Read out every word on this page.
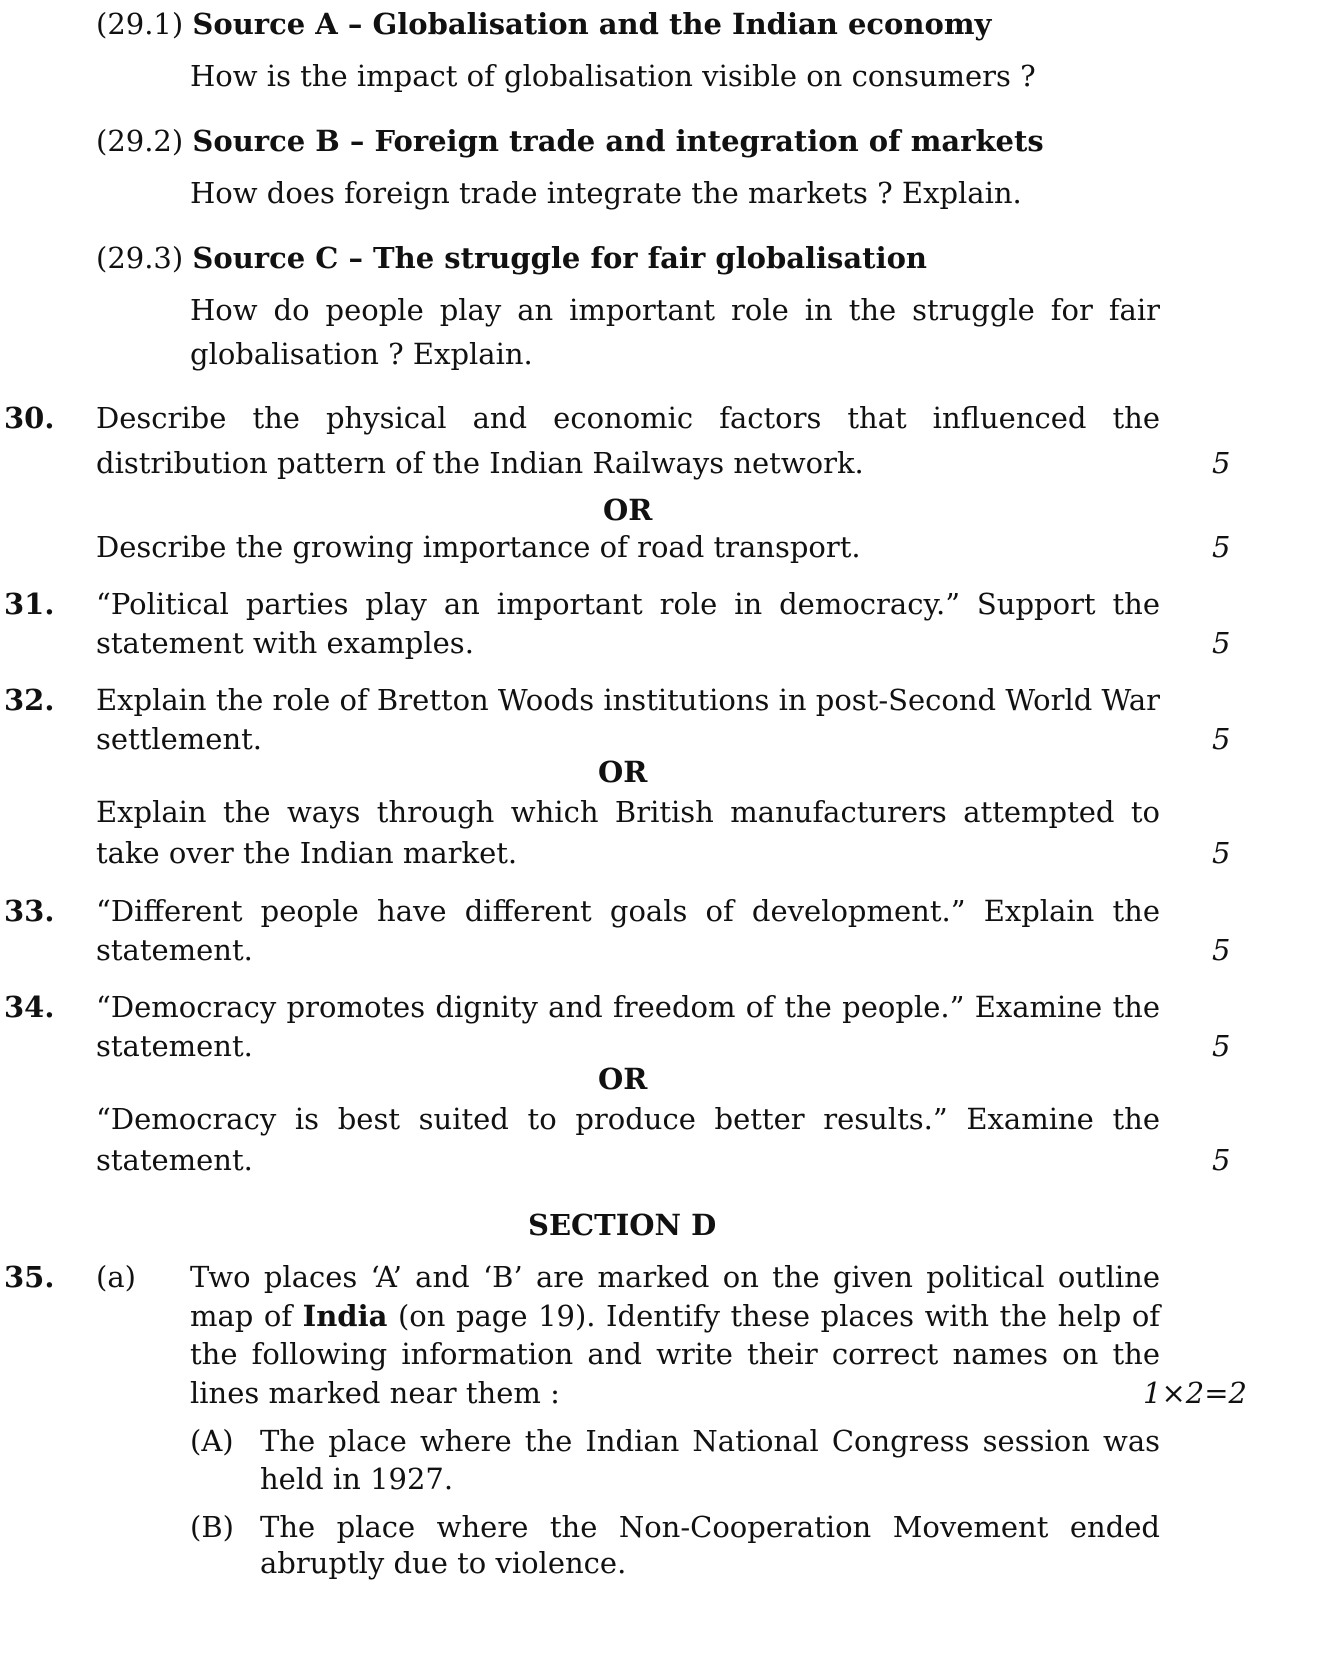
(29.1) Source A – Globalisation and the Indian economy
How is the impact of globalisation visible on consumers ?
(29.2) Source B – Foreign trade and integration of markets
How does foreign trade integrate the markets ? Explain.
(29.3) Source C – The struggle for fair globalisation
How do people play an important role in the struggle for fair
globalisation ? Explain.
30. Describe the physical and economic factors that influenced the
distribution pattern of the Indian Railways network.	5
OR
Describe the growing importance of road transport.	5
31. “Political parties play an important role in democracy.” Support the
statement with examples.	5
32. Explain the role of Bretton Woods institutions in post-Second World War
settlement.	5
OR
Explain the ways through which British manufacturers attempted to
take over the Indian market.	5
33. “Different people have different goals of development.” Explain the
statement.	5
34. “Democracy promotes dignity and freedom of the people.” Examine the
statement.	5
OR
“Democracy is best suited to produce better results.” Examine the
statement.	5
SECTION D
35. (a) Two places ‘A’ and ‘B’ are marked on the given political outline
map of India (on page 19). Identify these places with the help of
the following information and write their correct names on the
lines marked near them :	1×2=2
(A) The place where the Indian National Congress session was
held in 1927.
(B) The place where the Non-Cooperation Movement ended
abruptly due to violence.
